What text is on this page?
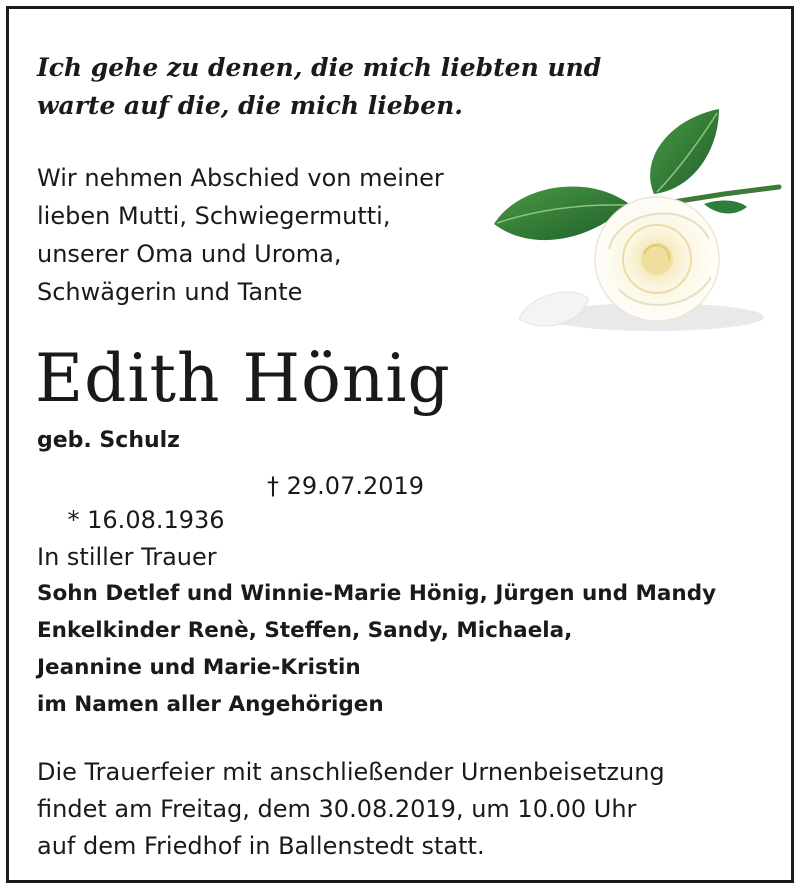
Ich gehe zu denen, die mich liebten und
warte auf die, die mich lieben.

Wir nehmen Abschied von meiner
lieben Mutti, Schwiegermutti,
unserer Oma und Uroma,
Schwägerin und Tante

Edith Hönig

geb. Schulz

* 16.08.1936
† 29.07.2019

In stiller Trauer

Sohn Detlef und Winnie-Marie Hönig, Jürgen und Mandy
Enkelkinder Renè, Steffen, Sandy, Michaela,
Jeannine und Marie-Kristin
im Namen aller Angehörigen

Die Trauerfeier mit anschließender Urnenbeisetzung
findet am Freitag, dem 30.08.2019, um 10.00 Uhr
auf dem Friedhof in Ballenstedt statt.
